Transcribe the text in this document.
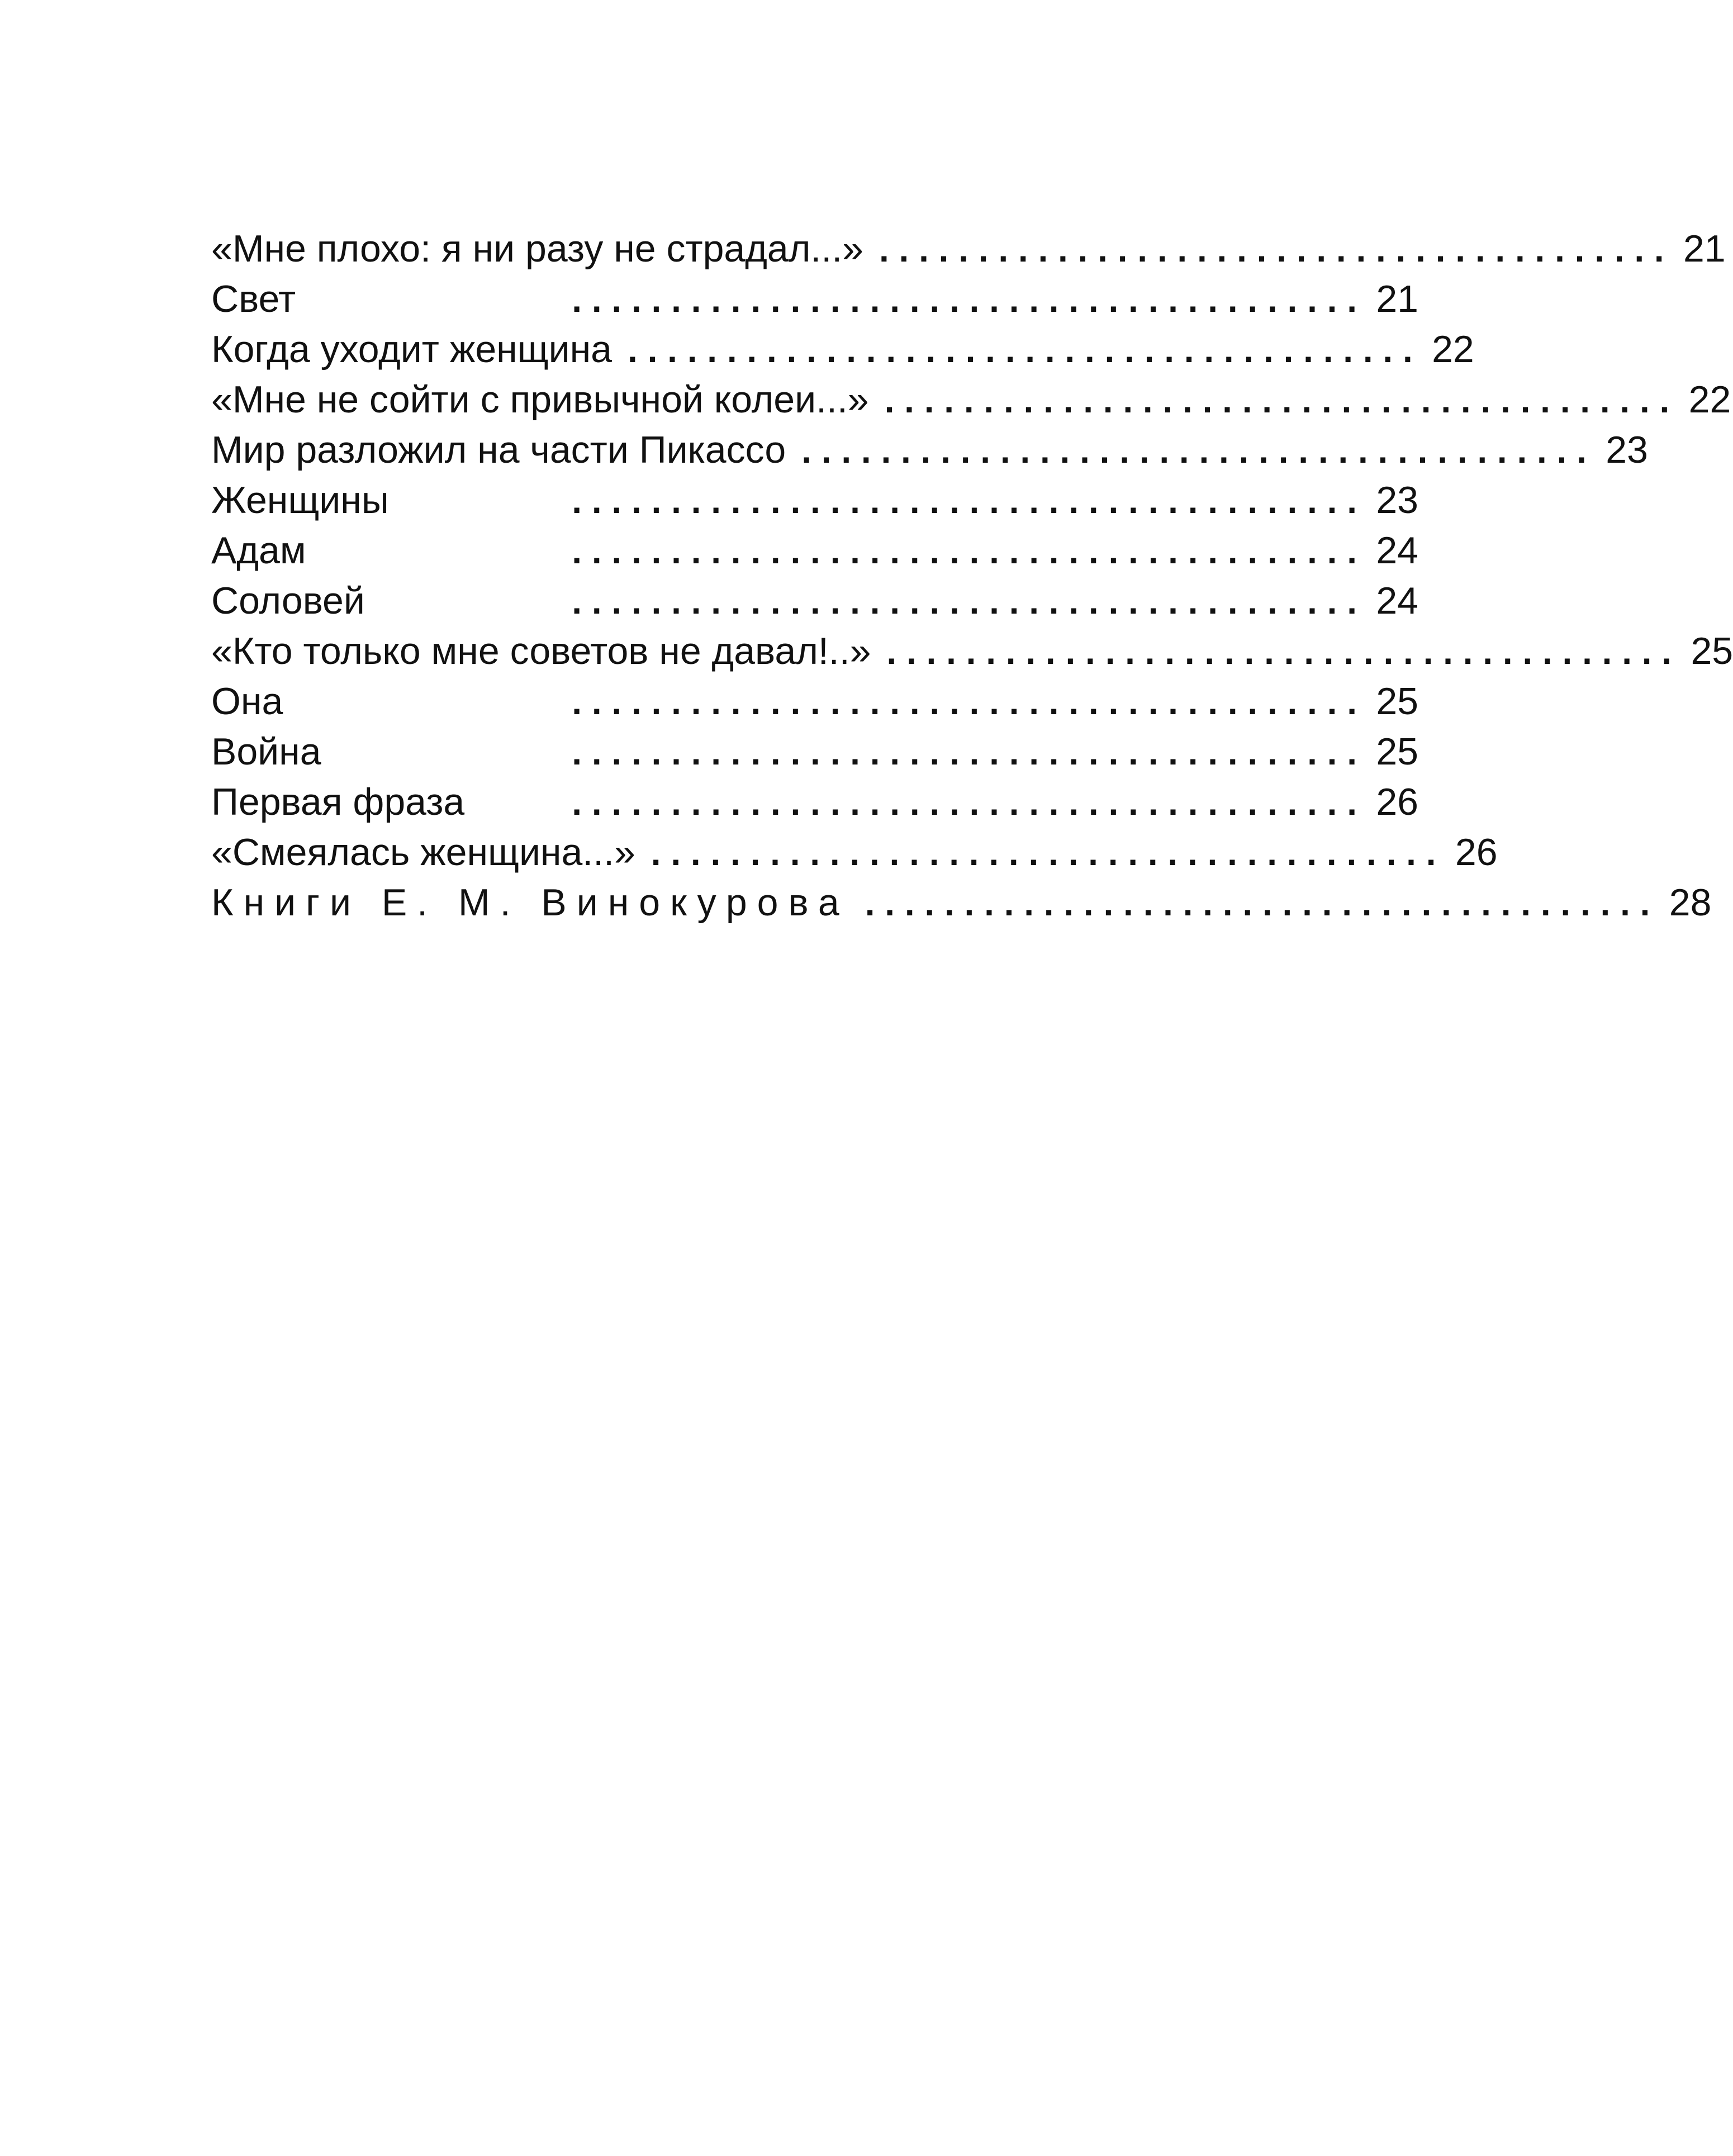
«Мне плохо: я ни разу не страдал...» . . . . . . . . . . . . . . . . . . . . . . . . . . . . . . . . . . . . . . . . 21
Свет	. . . . . . . . . . . . . . . . . . . . . . . . . . . . . . . . . . . . . . . . 21
Когда уходит женщина . . . . . . . . . . . . . . . . . . . . . . . . . . . . . . . . . . . . . . . . 22
«Мне не сойти с привычной колеи...» . . . . . . . . . . . . . . . . . . . . . . . . . . . . . . . . . . . . . . . . 22
Мир разложил на части Пикассо . . . . . . . . . . . . . . . . . . . . . . . . . . . . . . . . . . . . . . . . 23
Женщины	. . . . . . . . . . . . . . . . . . . . . . . . . . . . . . . . . . . . . . . . 23
Адам	. . . . . . . . . . . . . . . . . . . . . . . . . . . . . . . . . . . . . . . . 24
Соловей	. . . . . . . . . . . . . . . . . . . . . . . . . . . . . . . . . . . . . . . . 24
«Кто только мне советов не давал!..» . . . . . . . . . . . . . . . . . . . . . . . . . . . . . . . . . . . . . . . . 25
Она	. . . . . . . . . . . . . . . . . . . . . . . . . . . . . . . . . . . . . . . . 25
Война	. . . . . . . . . . . . . . . . . . . . . . . . . . . . . . . . . . . . . . . . 25
Первая фраза	. . . . . . . . . . . . . . . . . . . . . . . . . . . . . . . . . . . . . . . . 26
«Смеялась женщина...» . . . . . . . . . . . . . . . . . . . . . . . . . . . . . . . . . . . . . . . . 26
Книги Е. М. Винокурова . . . . . . . . . . . . . . . . . . . . . . . . . . . . . . . . . . . . . . . . 28
